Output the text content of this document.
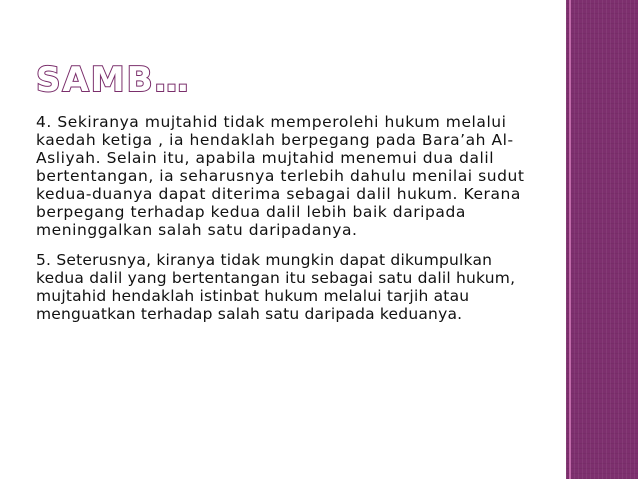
SAMB…

4. Sekiranya mujtahid tidak memperolehi hukum melalui kaedah ketiga , ia hendaklah berpegang pada Bara’ah Al-Asliyah. Selain itu, apabila mujtahid menemui dua dalil bertentangan, ia seharusnya terlebih dahulu menilai sudut kedua-duanya dapat diterima sebagai dalil hukum. Kerana berpegang terhadap kedua dalil lebih baik daripada meninggalkan salah satu daripadanya.

5. Seterusnya, kiranya tidak mungkin dapat dikumpulkan kedua dalil yang bertentangan itu sebagai satu dalil hukum, mujtahid hendaklah istinbat hukum melalui tarjih atau menguatkan terhadap salah satu daripada keduanya.
